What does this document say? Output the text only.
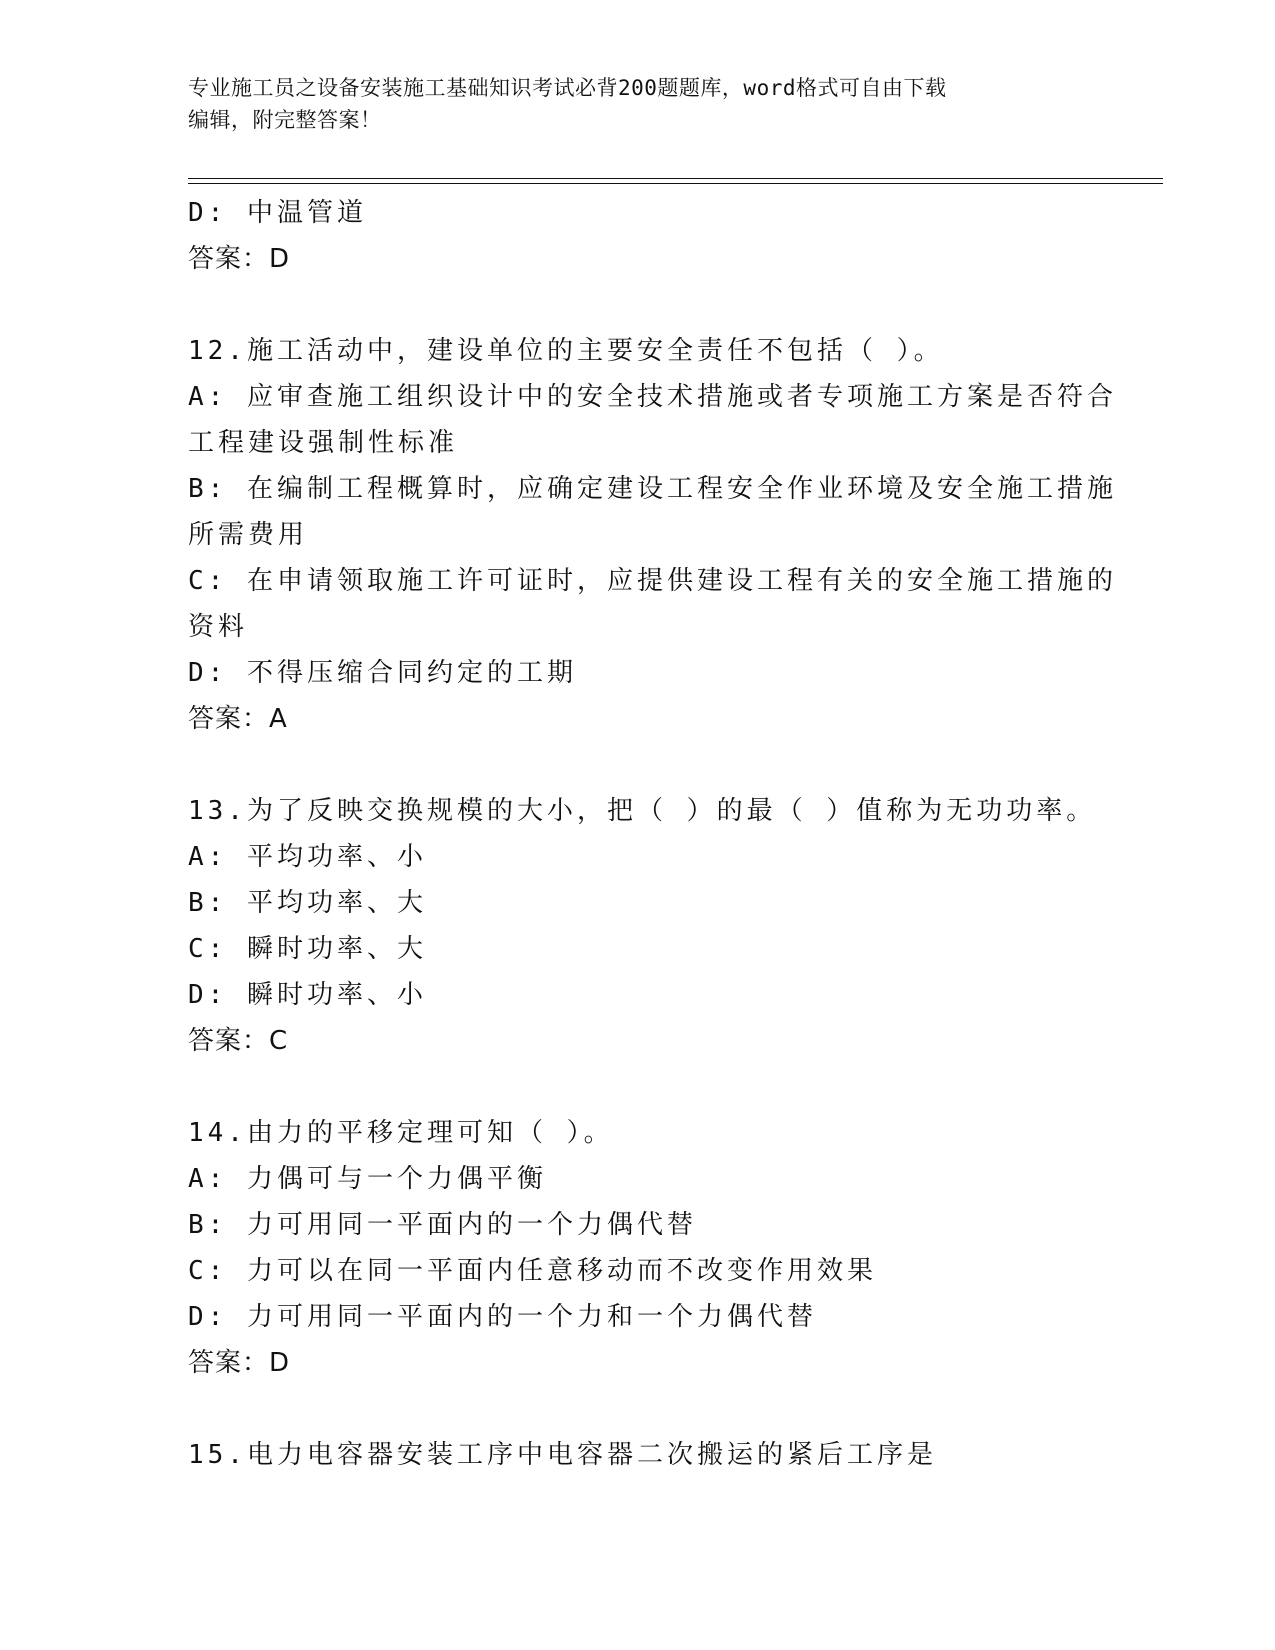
专业施工员之设备安装施工基础知识考试必背200题题库，word格式可自由下载
编辑，附完整答案！
D: 中温管道
答案：D
12.施工活动中，建设单位的主要安全责任不包括（ ）。
A: 应审查施工组织设计中的安全技术措施或者专项施工方案是否符合
工程建设强制性标准
B: 在编制工程概算时，应确定建设工程安全作业环境及安全施工措施
所需费用
C: 在申请领取施工许可证时，应提供建设工程有关的安全施工措施的
资料
D: 不得压缩合同约定的工期
答案：A
13.为了反映交换规模的大小，把（ ）的最（ ）值称为无功功率。
A: 平均功率、小
B: 平均功率、大
C: 瞬时功率、大
D: 瞬时功率、小
答案：C
14.由力的平移定理可知（ ）。
A: 力偶可与一个力偶平衡
B: 力可用同一平面内的一个力偶代替
C: 力可以在同一平面内任意移动而不改变作用效果
D: 力可用同一平面内的一个力和一个力偶代替
答案：D
15.电力电容器安装工序中电容器二次搬运的紧后工序是
